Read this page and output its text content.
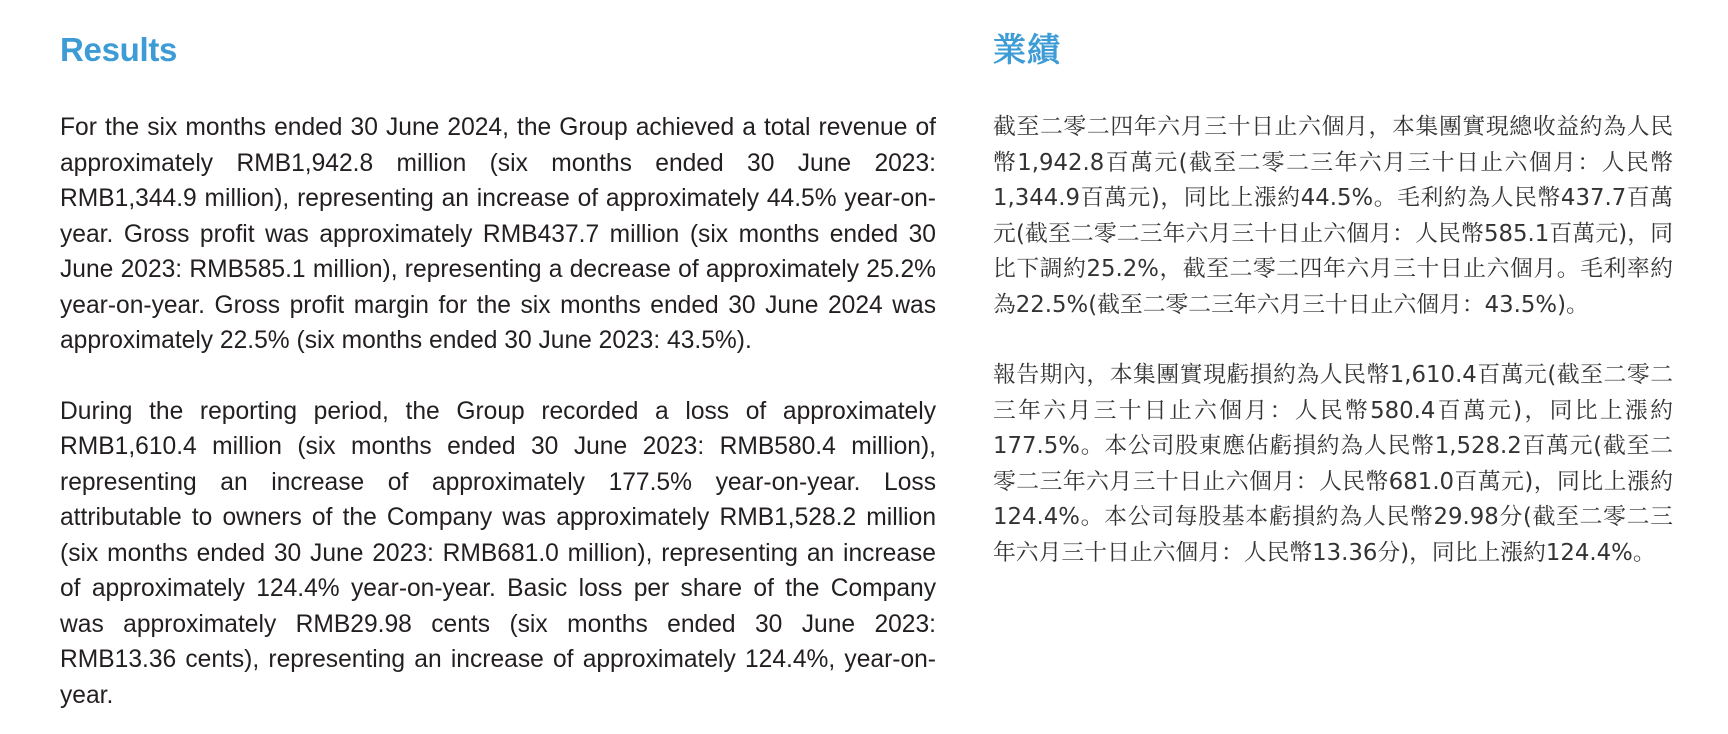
Results

For the six months ended 30 June 2024, the Group achieved a total revenue of approximately RMB1,942.8 million (six months ended 30 June 2023: RMB1,344.9 million), representing an increase of approximately 44.5% year-on-year. Gross profit was approximately RMB437.7 million (six months ended 30 June 2023: RMB585.1 million), representing a decrease of approximately 25.2% year-on-year. Gross profit margin for the six months ended 30 June 2024 was approximately 22.5% (six months ended 30 June 2023: 43.5%).

During the reporting period, the Group recorded a loss of approximately RMB1,610.4 million (six months ended 30 June 2023: RMB580.4 million), representing an increase of approximately 177.5% year-on-year. Loss attributable to owners of the Company was approximately RMB1,528.2 million (six months ended 30 June 2023: RMB681.0 million), representing an increase of approximately 124.4% year-on-year. Basic loss per share of the Company was approximately RMB29.98 cents (six months ended 30 June 2023: RMB13.36 cents), representing an increase of approximately 124.4%, year-on-year.

業績

截至二零二四年六月三十日止六個月，本集團實現總收益約為人民幣1,942.8百萬元(截至二零二三年六月三十日止六個月：人民幣1,344.9百萬元)，同比上漲約44.5%。毛利約為人民幣437.7百萬元(截至二零二三年六月三十日止六個月：人民幣585.1百萬元)，同比下調約25.2%，截至二零二四年六月三十日止六個月。毛利率約為22.5%(截至二零二三年六月三十日止六個月：43.5%)。

報告期內，本集團實現虧損約為人民幣1,610.4百萬元(截至二零二三年六月三十日止六個月：人民幣580.4百萬元)，同比上漲約177.5%。本公司股東應佔虧損約為人民幣1,528.2百萬元(截至二零二三年六月三十日止六個月：人民幣681.0百萬元)，同比上漲約124.4%。本公司每股基本虧損約為人民幣29.98分(截至二零二三年六月三十日止六個月：人民幣13.36分)，同比上漲約124.4%。
